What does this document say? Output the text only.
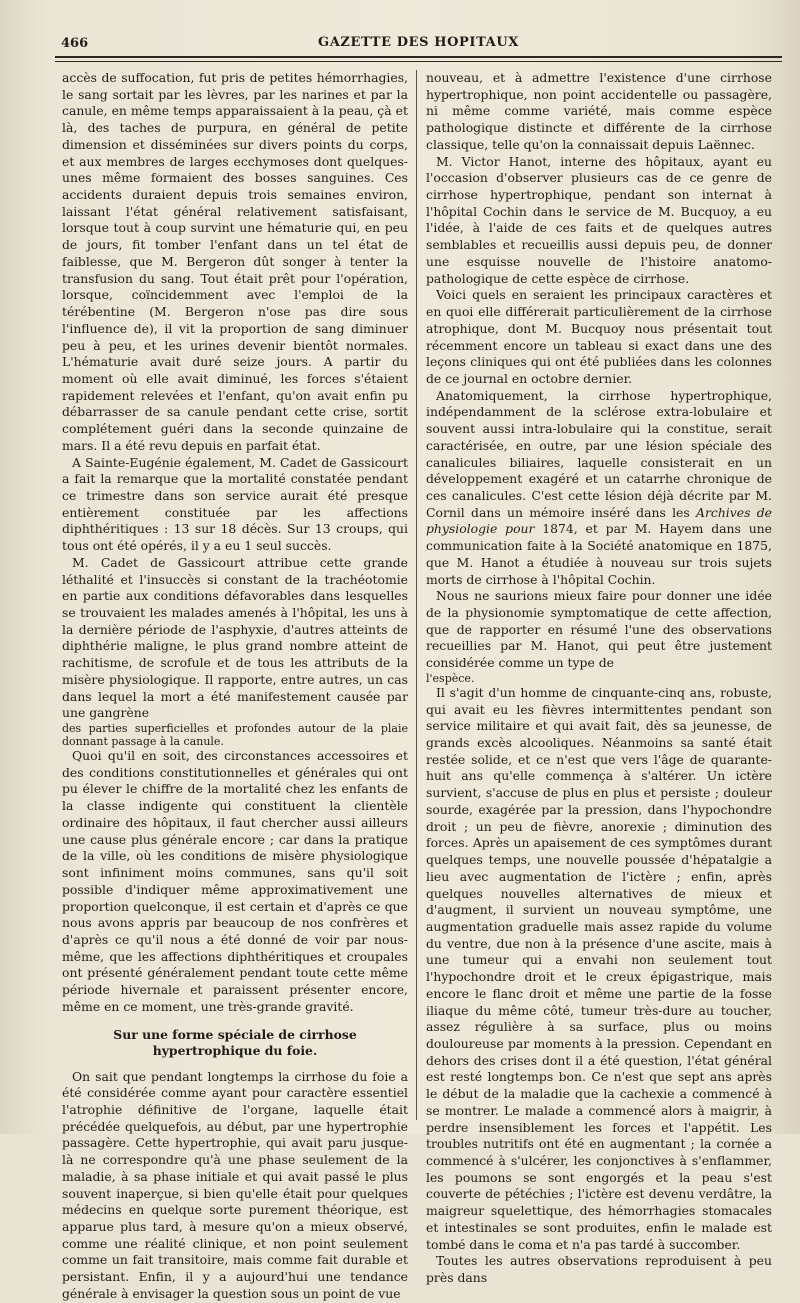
466	GAZETTE DES HOPITAUX

accès de suffocation, fut pris de petites hémorrhagies, le sang sortait par les lèvres, par les narines et par la canule, en même temps apparaissaient à la peau, çà et là, des taches de purpura, en général de petite dimension et disséminées sur divers points du corps, et aux membres de larges ecchymoses dont quelques-unes même formaient des bosses sanguines. Ces accidents duraient depuis trois semaines environ, laissant l'état général relativement satisfaisant, lorsque tout à coup survint une hématurie qui, en peu de jours, fit tomber l'enfant dans un tel état de faiblesse, que M. Bergeron dût songer à tenter la transfusion du sang. Tout était prêt pour l'opération, lorsque, coïncidemment avec l'emploi de la térébentine (M. Bergeron n'ose pas dire sous l'influence de), il vit la proportion de sang diminuer peu à peu, et les urines devenir bientôt normales. L'hématurie avait duré seize jours. A partir du moment où elle avait diminué, les forces s'étaient rapidement relevées et l'enfant, qu'on avait enfin pu débarrasser de sa canule pendant cette crise, sortit complétement guéri dans la seconde quinzaine de mars. Il a été revu depuis en parfait état.

A Sainte-Eugénie également, M. Cadet de Gassicourt a fait la remarque que la mortalité constatée pendant ce trimestre dans son service aurait été presque entièrement constituée par les affections diphthéritiques : 13 sur 18 décès. Sur 13 croups, qui tous ont été opérés, il y a eu 1 seul succès.

M. Cadet de Gassicourt attribue cette grande léthalité et l'insuccès si constant de la trachéotomie en partie aux conditions défavorables dans lesquelles se trouvaient les malades amenés à l'hôpital, les uns à la dernière période de l'asphyxie, d'autres atteints de diphthérie maligne, le plus grand nombre atteint de rachitisme, de scrofule et de tous les attributs de la misère physiologique. Il rapporte, entre autres, un cas dans lequel la mort a été manifestement causée par une gangrène

des parties superficielles et profondes autour de la plaie donnant passage à la canule.

Quoi qu'il en soit, des circonstances accessoires et des conditions constitutionnelles et générales qui ont pu élever le chiffre de la mortalité chez les enfants de la classe indigente qui constituent la clientèle ordinaire des hôpitaux, il faut chercher aussi ailleurs une cause plus générale encore ; car dans la pratique de la ville, où les conditions de misère physiologique sont infiniment moins communes, sans qu'il soit possible d'indiquer même approximativement une proportion quelconque, il est certain et d'après ce que nous avons appris par beaucoup de nos confrères et d'après ce qu'il nous a été donné de voir par nous-même, que les affections diphthéritiques et croupales ont présenté généralement pendant toute cette même période hivernale et paraissent présenter encore, même en ce moment, une très-grande gravité.

Sur une forme spéciale de cirrhose hypertrophique du foie.

On sait que pendant longtemps la cirrhose du foie a été considérée comme ayant pour caractère essentiel l'atrophie définitive de l'organe, laquelle était précédée quelquefois, au début, par une hypertrophie passagère. Cette hypertrophie, qui avait paru jusque-là ne correspondre qu'à une phase seulement de la maladie, à sa phase initiale et qui avait passé le plus souvent inaperçue, si bien qu'elle était pour quelques médecins en quelque sorte purement théorique, est apparue plus tard, à mesure qu'on a mieux observé, comme une réalité clinique, et non point seulement comme un fait transitoire, mais comme fait durable et persistant. Enfin, il y a aujourd'hui une tendance générale à envisager la question sous un point de vue

nouveau, et à admettre l'existence d'une cirrhose hypertrophique, non point accidentelle ou passagère, ni même comme variété, mais comme espèce pathologique distincte et différente de la cirrhose classique, telle qu'on la connaissait depuis Laënnec.

M. Victor Hanot, interne des hôpitaux, ayant eu l'occasion d'observer plusieurs cas de ce genre de cirrhose hypertrophique, pendant son internat à l'hôpital Cochin dans le service de M. Bucquoy, a eu l'idée, à l'aide de ces faits et de quelques autres semblables et recueillis aussi depuis peu, de donner une esquisse nouvelle de l'histoire anatomo-pathologique de cette espèce de cirrhose.

Voici quels en seraient les principaux caractères et en quoi elle différerait particulièrement de la cirrhose atrophique, dont M. Bucquoy nous présentait tout récemment encore un tableau si exact dans une des leçons cliniques qui ont été publiées dans les colonnes de ce journal en octobre dernier.

Anatomiquement, la cirrhose hypertrophique, indépendamment de la sclérose extra-lobulaire et souvent aussi intra-lobulaire qui la constitue, serait caractérisée, en outre, par une lésion spéciale des canalicules biliaires, laquelle consisterait en un développement exagéré et un catarrhe chronique de ces canalicules. C'est cette lésion déjà décrite par M. Cornil dans un mémoire inséré dans les Archives de physiologie pour 1874, et par M. Hayem dans une communication faite à la Société anatomique en 1875, que M. Hanot a étudiée à nouveau sur trois sujets morts de cirrhose à l'hôpital Cochin.

Nous ne saurions mieux faire pour donner une idée de la physionomie symptomatique de cette affection, que de rapporter en résumé l'une des observations recueillies par M. Hanot, qui peut être justement considérée comme un type de

l'espèce.

Il s'agit d'un homme de cinquante-cinq ans, robuste, qui avait eu les fièvres intermittentes pendant son service militaire et qui avait fait, dès sa jeunesse, de grands excès alcooliques. Néanmoins sa santé était restée solide, et ce n'est que vers l'âge de quarante-huit ans qu'elle commença à s'altérer. Un ictère survient, s'accuse de plus en plus et persiste ; douleur sourde, exagérée par la pression, dans l'hypochondre droit ; un peu de fièvre, anorexie ; diminution des forces. Après un apaisement de ces symptômes durant quelques temps, une nouvelle poussée d'hépatalgie a lieu avec augmentation de l'ictère ; enfin, après quelques nouvelles alternatives de mieux et d'augment, il survient un nouveau symptôme, une augmentation graduelle mais assez rapide du volume du ventre, due non à la présence d'une ascite, mais à une tumeur qui a envahi non seulement tout l'hypochondre droit et le creux épigastrique, mais encore le flanc droit et même une partie de la fosse iliaque du même côté, tumeur très-dure au toucher, assez régulière à sa surface, plus ou moins douloureuse par moments à la pression. Cependant en dehors des crises dont il a été question, l'état général est resté longtemps bon. Ce n'est que sept ans après le début de la maladie que la cachexie a commencé à se montrer. Le malade a commencé alors à maigrir, à perdre insensiblement les forces et l'appétit. Les troubles nutritifs ont été en augmentant ; la cornée a commencé à s'ulcérer, les conjonctives à s'enflammer, les poumons se sont engorgés et la peau s'est couverte de pétéchies ; l'ictère est devenu verdâtre, la maigreur squelettique, des hémorrhagies stomacales et intestinales se sont produites, enfin le malade est tombé dans le coma et n'a pas tardé à succomber.

Toutes les autres observations reproduisent à peu près dans
